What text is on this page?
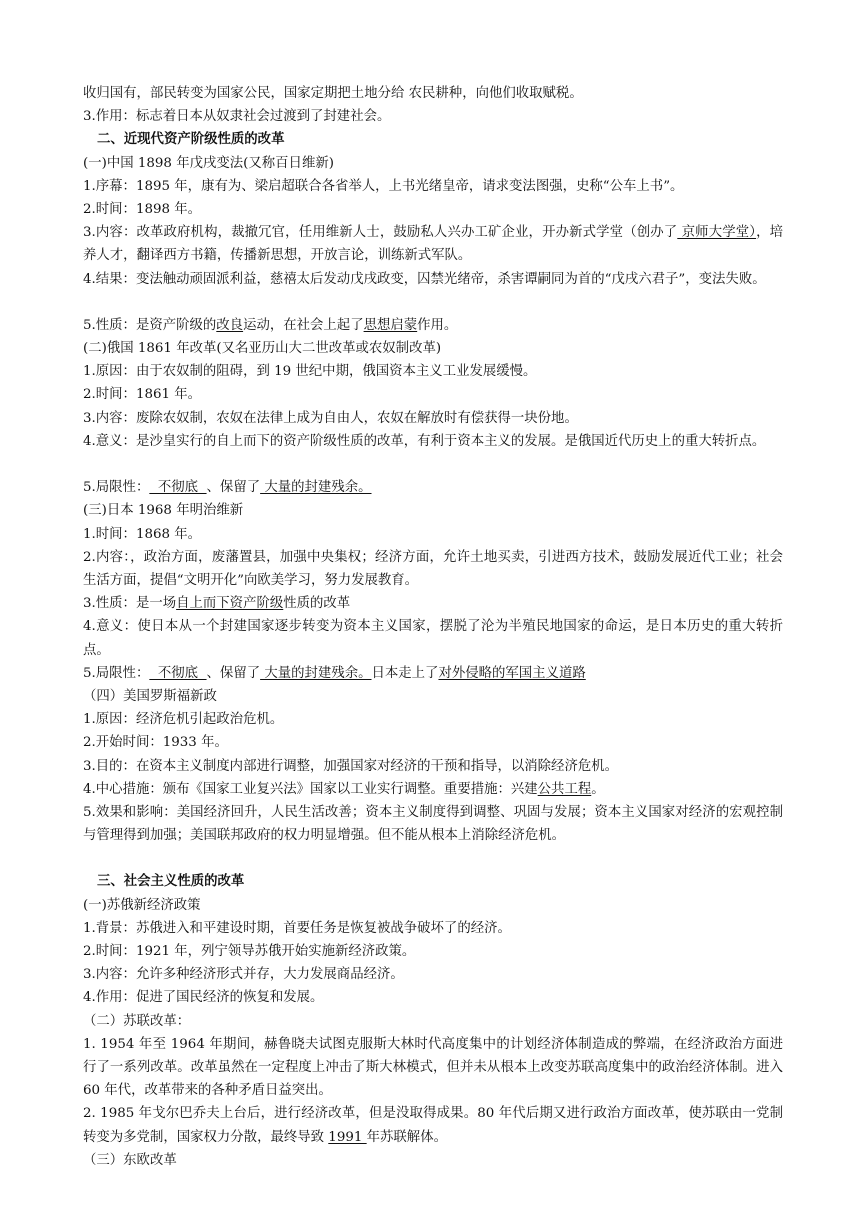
收归国有，部民转变为国家公民，国家定期把土地分给 农民耕种，向他们收取赋税。
3.作用：标志着日本从奴隶社会过渡到了封建社会。
二、近现代资产阶级性质的改革
(一)中国 1898 年戊戌变法(又称百日维新)
1.序幕：1895 年，康有为、梁启超联合各省举人，上书光绪皇帝，请求变法图强，史称“公车上书”。
2.时间：1898 年。
3.内容：改革政府机构，裁撤冗官，任用维新人士，鼓励私人兴办工矿企业，开办新式学堂（创办了 京师大学堂），培养人才，翻译西方书籍，传播新思想，开放言论，训练新式军队。
4.结果：变法触动顽固派利益，慈禧太后发动戊戌政变，囚禁光绪帝，杀害谭嗣同为首的“戊戌六君子”，变法失败。
5.性质：是资产阶级的改良运动，在社会上起了思想启蒙作用。
(二)俄国 1861 年改革(又名亚历山大二世改革或农奴制改革)
1.原因：由于农奴制的阻碍，到 19 世纪中期，俄国资本主义工业发展缓慢。
2.时间：1861 年。
3.内容：废除农奴制，农奴在法律上成为自由人，农奴在解放时有偿获得一块份地。
4.意义：是沙皇实行的自上而下的资产阶级性质的改革，有利于资本主义的发展。是俄国近代历史上的重大转折点。
5.局限性：  不彻底  、保留了 大量的封建残余。
(三)日本 1968 年明治维新
1.时间：1868 年。
2.内容：，政治方面，废藩置县，加强中央集权；经济方面，允许土地买卖，引进西方技术，鼓励发展近代工业；社会生活方面，提倡“文明开化”向欧美学习，努力发展教育。
3.性质：是一场自上而下资产阶级性质的改革
4.意义：使日本从一个封建国家逐步转变为资本主义国家，摆脱了沦为半殖民地国家的命运，是日本历史的重大转折点。
5.局限性：  不彻底  、保留了 大量的封建残余。日本走上了对外侵略的军国主义道路
（四）美国罗斯福新政
1.原因：经济危机引起政治危机。
2.开始时间：1933 年。
3.目的：在资本主义制度内部进行调整，加强国家对经济的干预和指导，以消除经济危机。
4.中心措施：颁布《国家工业复兴法》国家以工业实行调整。重要措施：兴建公共工程。
5.效果和影响：美国经济回升，人民生活改善；资本主义制度得到调整、巩固与发展；资本主义国家对经济的宏观控制与管理得到加强；美国联邦政府的权力明显增强。但不能从根本上消除经济危机。
三、社会主义性质的改革
(一)苏俄新经济政策
1.背景：苏俄进入和平建设时期，首要任务是恢复被战争破坏了的经济。
2.时间：1921 年，列宁领导苏俄开始实施新经济政策。
3.内容：允许多种经济形式并存，大力发展商品经济。
4.作用：促进了国民经济的恢复和发展。
（二）苏联改革：
1. 1954 年至 1964 年期间，赫鲁晓夫试图克服斯大林时代高度集中的计划经济体制造成的弊端，在经济政治方面进行了一系列改革。改革虽然在一定程度上冲击了斯大林模式，但并未从根本上改变苏联高度集中的政治经济体制。进入 60 年代，改革带来的各种矛盾日益突出。
2. 1985 年戈尔巴乔夫上台后，进行经济改革，但是没取得成果。80 年代后期又进行政治方面改革，使苏联由一党制转变为多党制，国家权力分散，最终导致 1991 年苏联解体。
（三）东欧改革
